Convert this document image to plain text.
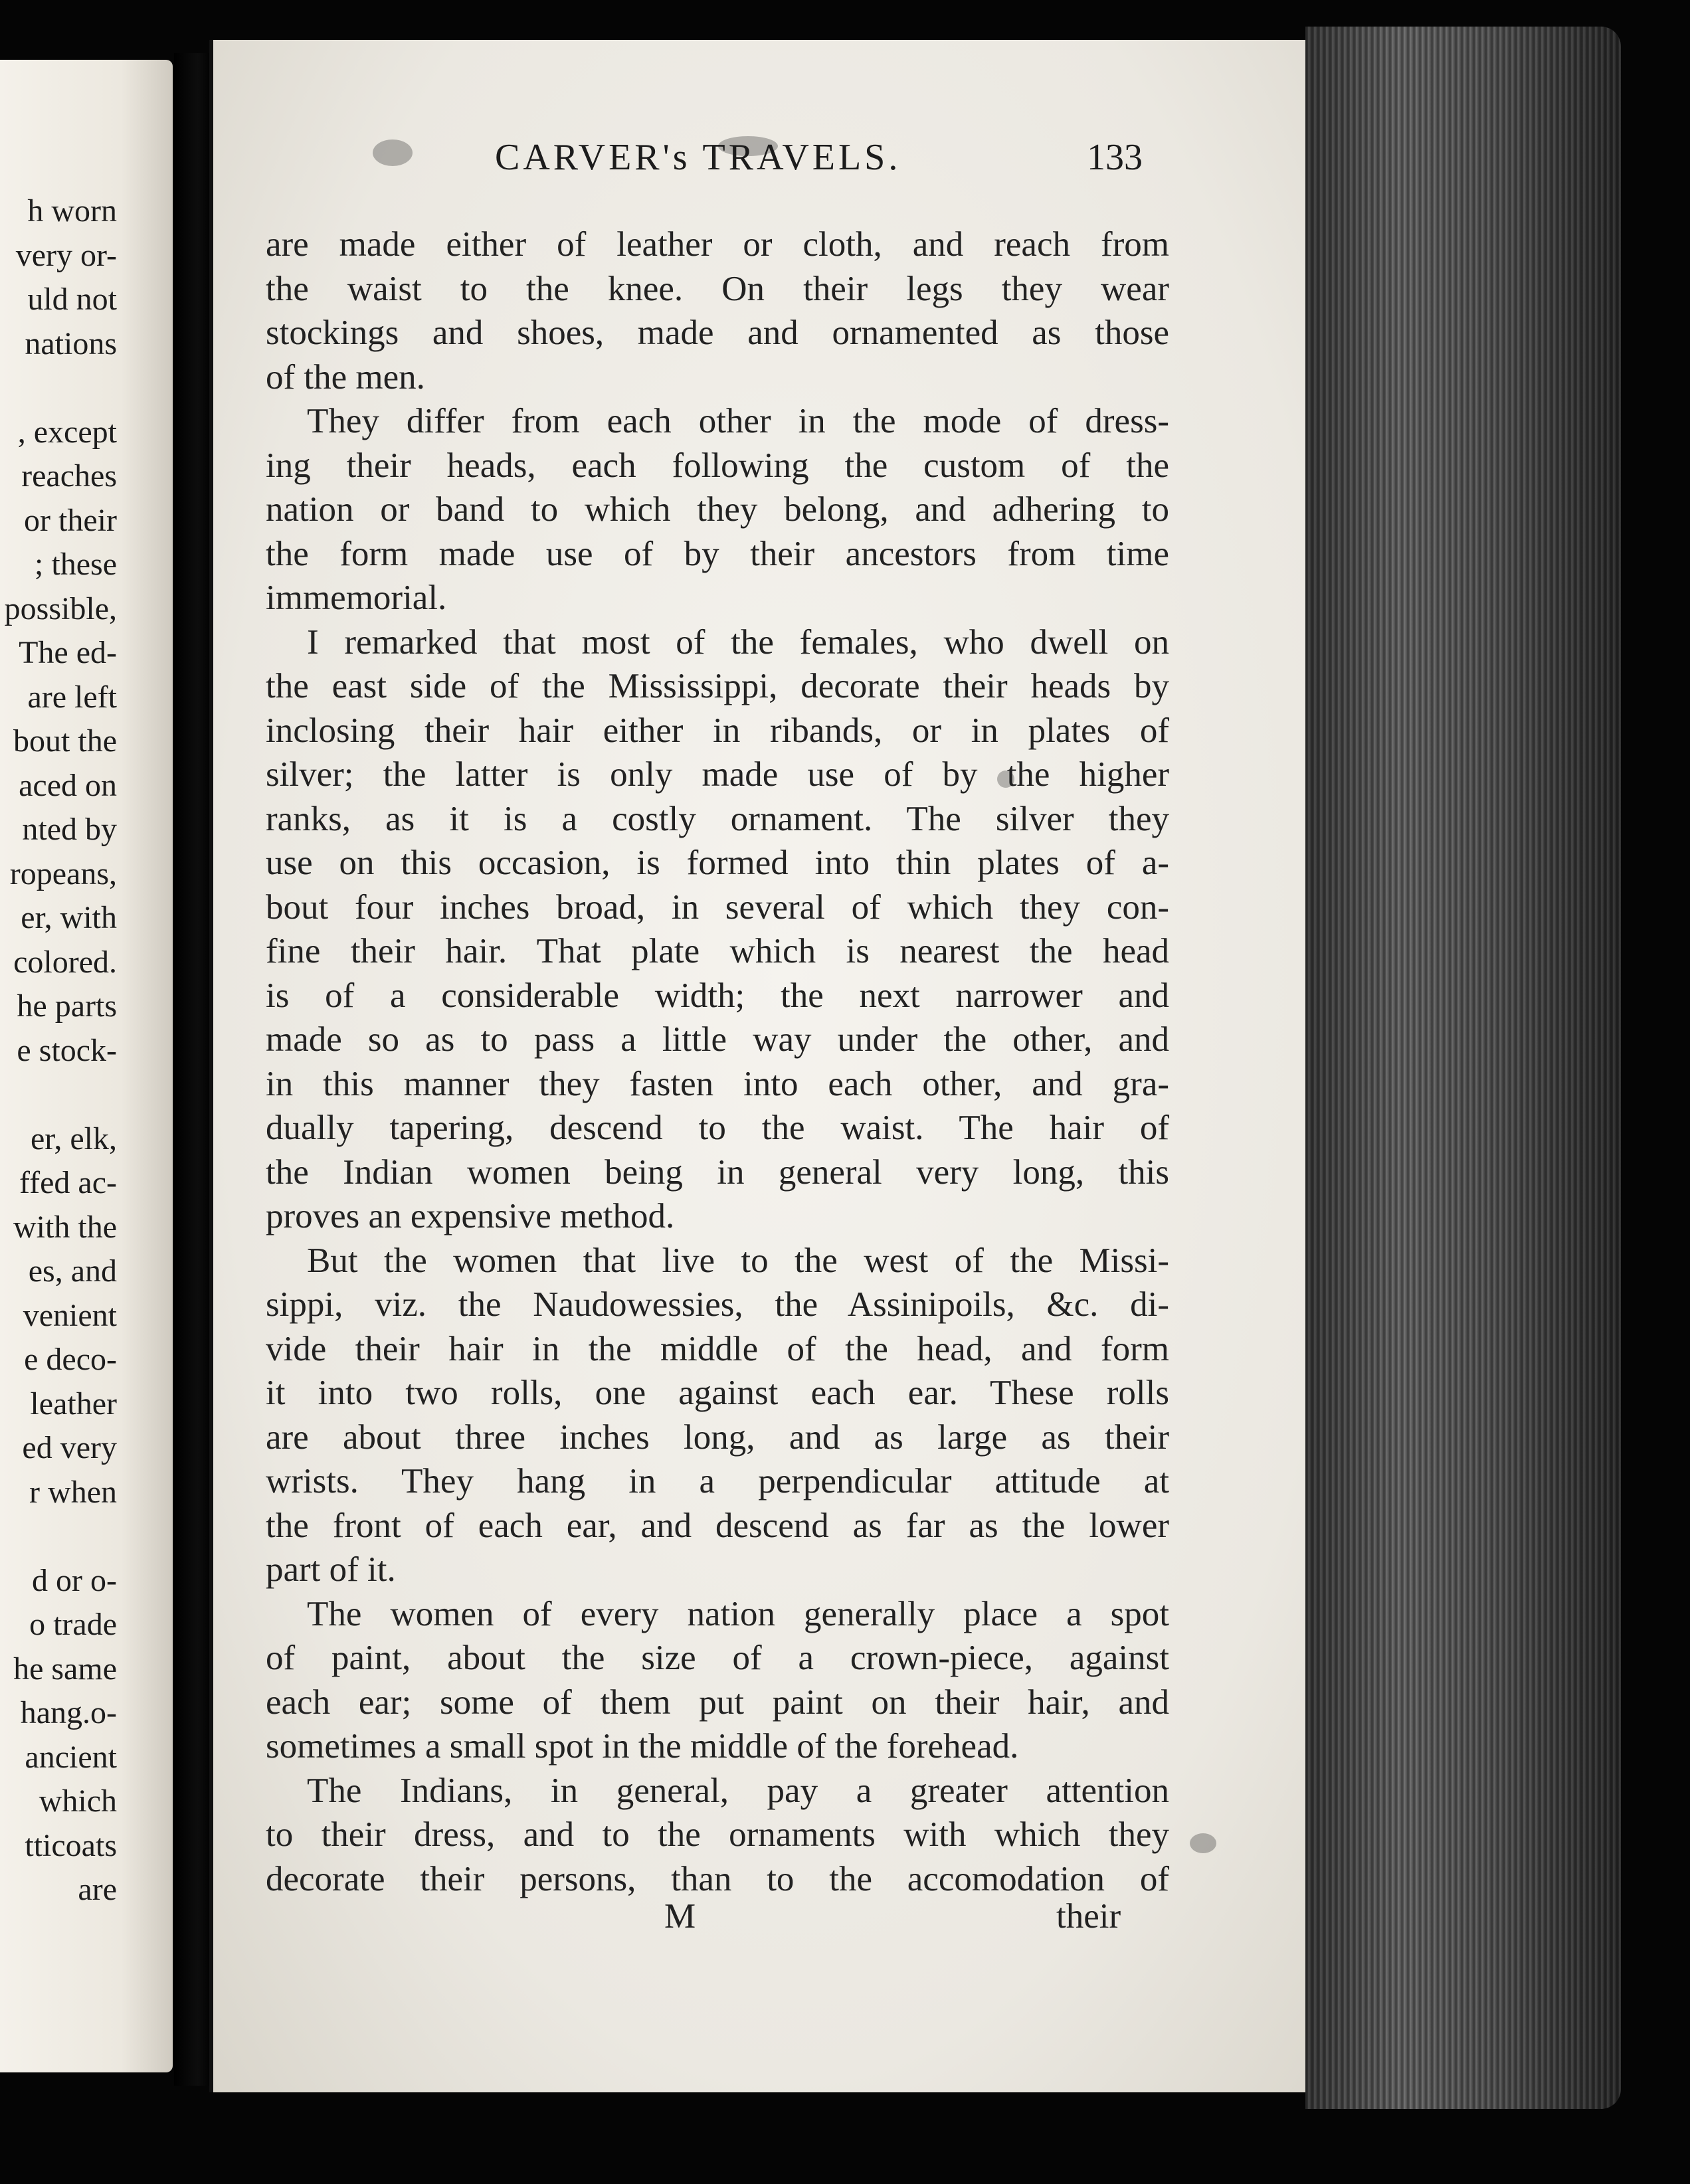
h worn
very or-
uld not
nations
, except
reaches
or their
; these
possible,
The ed-
are left
bout the
aced on
nted by
ropeans,
er, with
colored.
he parts
e stock-
er, elk,
ffed ac-
with the
es, and
venient
e deco-
leather
ed very
r when
d or o-
o trade
he same
hang.o-
ancient
which
tticoats
are
CARVER's TRAVELS.	133
are made either of leather or cloth, and reach from
the waist to the knee. On their legs they wear
stockings and shoes, made and ornamented as those
of the men.
They differ from each other in the mode of dress-
ing their heads, each following the custom of the
nation or band to which they belong, and adhering to
the form made use of by their ancestors from time
immemorial.
I remarked that most of the females, who dwell on
the east side of the Mississippi, decorate their heads by
inclosing their hair either in ribands, or in plates of
silver; the latter is only made use of by the higher
ranks, as it is a costly ornament. The silver they
use on this occasion, is formed into thin plates of a-
bout four inches broad, in several of which they con-
fine their hair. That plate which is nearest the head
is of a considerable width; the next narrower and
made so as to pass a little way under the other, and
in this manner they fasten into each other, and gra-
dually tapering, descend to the waist. The hair of
the Indian women being in general very long, this
proves an expensive method.
But the women that live to the west of the Missi-
sippi, viz. the Naudowessies, the Assinipoils, &c. di-
vide their hair in the middle of the head, and form
it into two rolls, one against each ear. These rolls
are about three inches long, and as large as their
wrists. They hang in a perpendicular attitude at
the front of each ear, and descend as far as the lower
part of it.
The women of every nation generally place a spot
of paint, about the size of a crown-piece, against
each ear; some of them put paint on their hair, and
sometimes a small spot in the middle of the forehead.
The Indians, in general, pay a greater attention
to their dress, and to the ornaments with which they
decorate their persons, than to the accomodation of
M	their
